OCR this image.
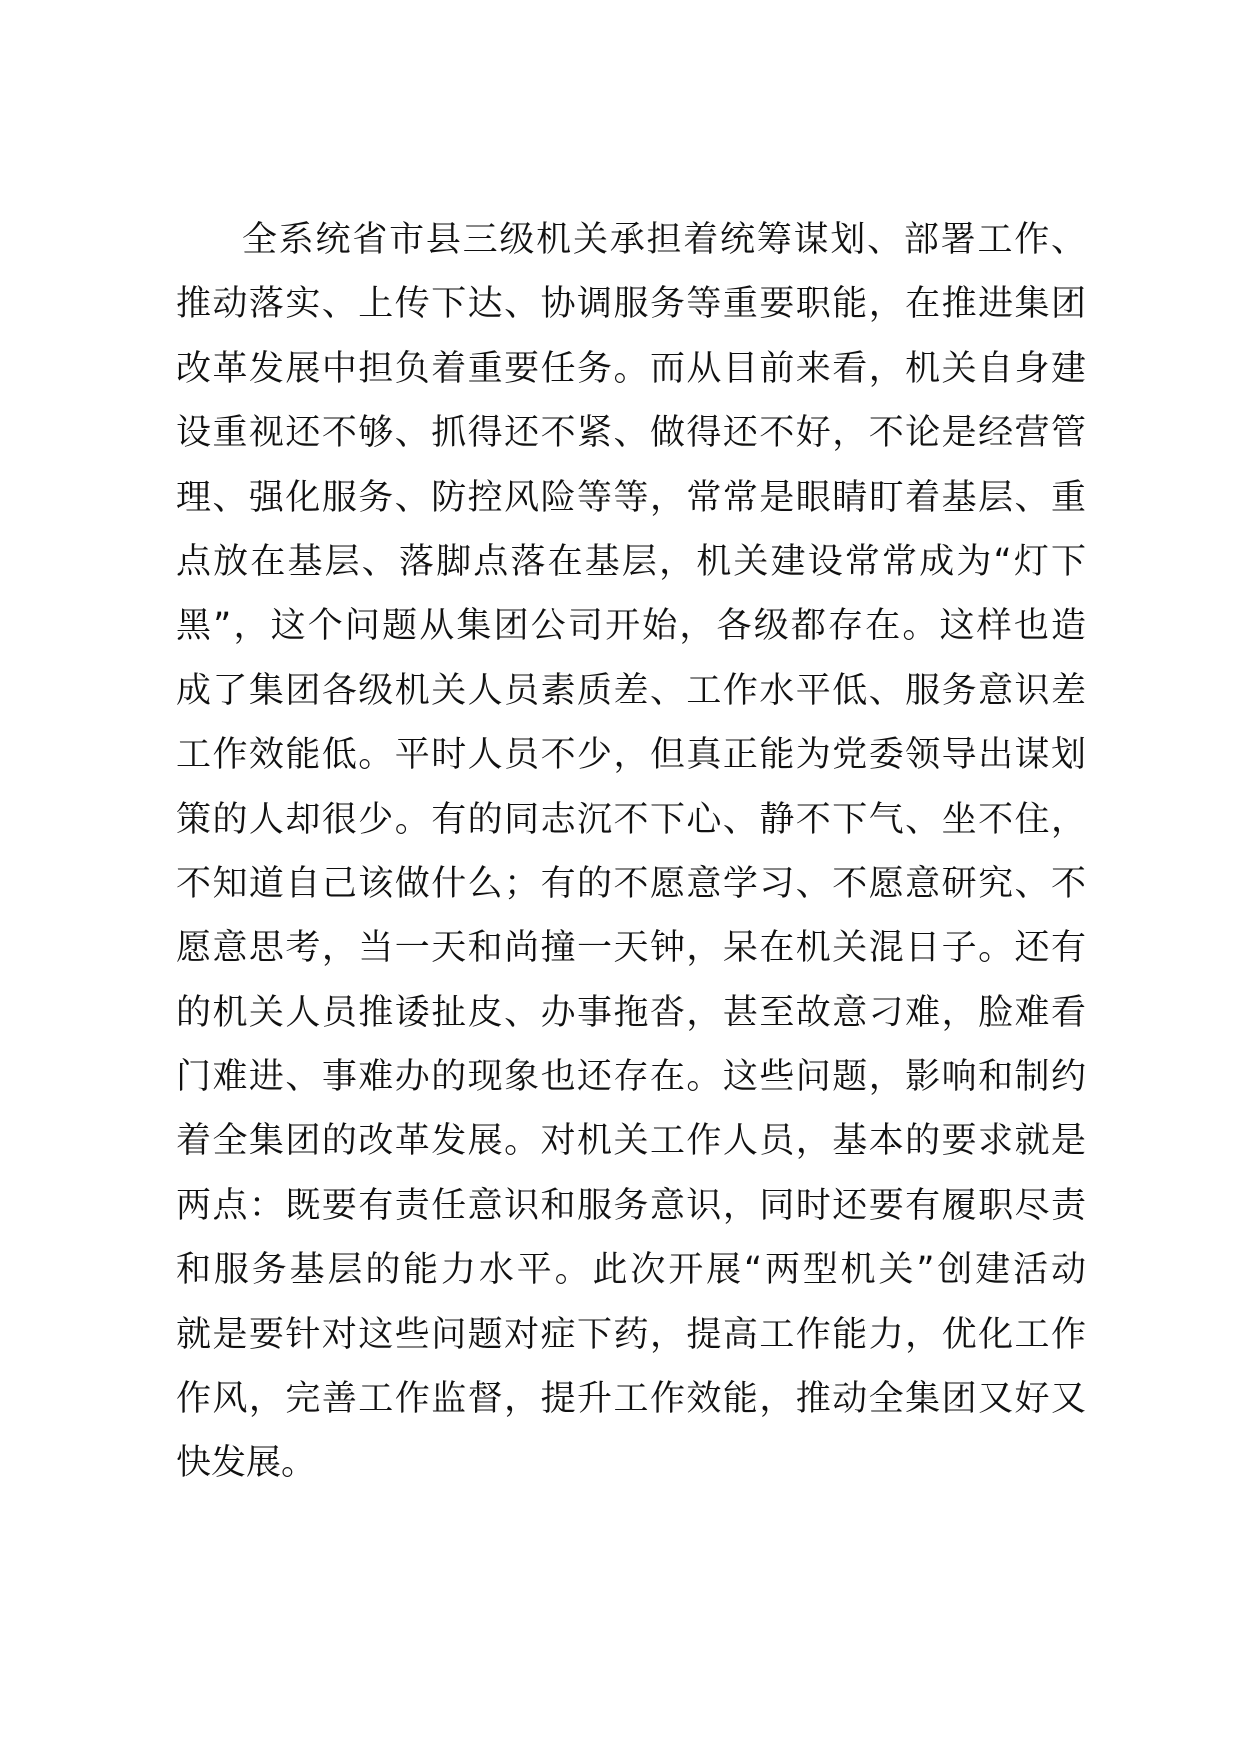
全系统省市县三级机关承担着统筹谋划、部署工作、
推动落实、上传下达、协调服务等重要职能，在推进集团
改革发展中担负着重要任务。而从目前来看，机关自身建
设重视还不够、抓得还不紧、做得还不好，不论是经营管
理、强化服务、防控风险等等，常常是眼睛盯着基层、重
点放在基层、落脚点落在基层，机关建设常常成为“灯下
黑”，这个问题从集团公司开始，各级都存在。这样也造
成了集团各级机关人员素质差、工作水平低、服务意识差
工作效能低。平时人员不少，但真正能为党委领导出谋划
策的人却很少。有的同志沉不下心、静不下气、坐不住，
不知道自己该做什么；有的不愿意学习、不愿意研究、不
愿意思考，当一天和尚撞一天钟，呆在机关混日子。还有
的机关人员推诿扯皮、办事拖沓，甚至故意刁难，脸难看
门难进、事难办的现象也还存在。这些问题，影响和制约
着全集团的改革发展。对机关工作人员，基本的要求就是
两点：既要有责任意识和服务意识，同时还要有履职尽责
和服务基层的能力水平。此次开展“两型机关”创建活动
就是要针对这些问题对症下药，提高工作能力，优化工作
作风，完善工作监督，提升工作效能，推动全集团又好又
快发展。
